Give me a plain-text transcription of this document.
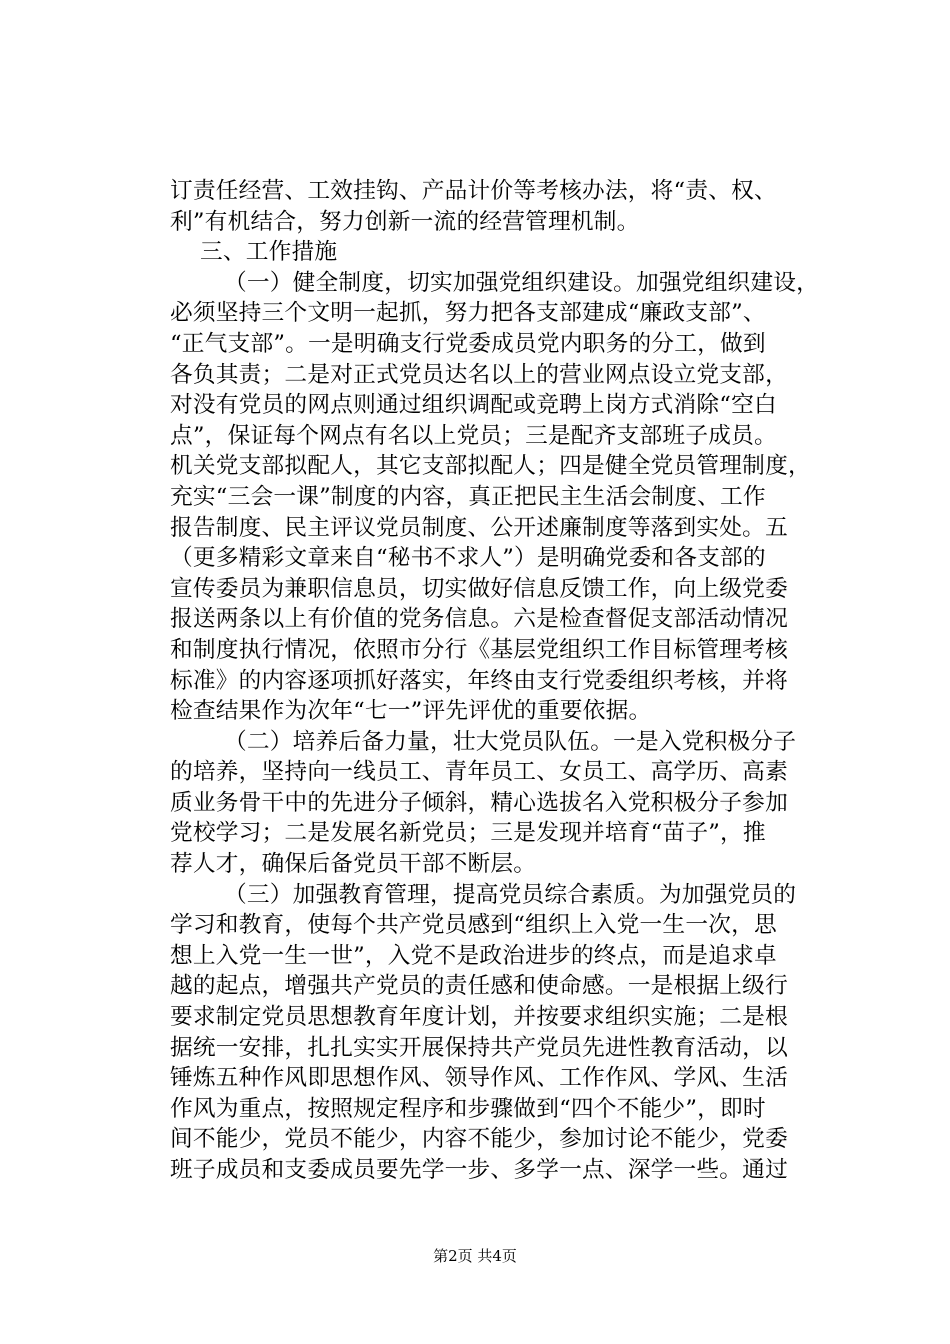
订责任经营、工效挂钩、产品计价等考核办法，将“责、权、
利”有机结合，努力创新一流的经营管理机制。
三、工作措施
（一）健全制度，切实加强党组织建设。加强党组织建设，
必须坚持三个文明一起抓，努力把各支部建成“廉政支部”、
“正气支部”。一是明确支行党委成员党内职务的分工，做到
各负其责；二是对正式党员达名以上的营业网点设立党支部，
对没有党员的网点则通过组织调配或竞聘上岗方式消除“空白
点”，保证每个网点有名以上党员；三是配齐支部班子成员。
机关党支部拟配人，其它支部拟配人；四是健全党员管理制度，
充实“三会一课”制度的内容，真正把民主生活会制度、工作
报告制度、民主评议党员制度、公开述廉制度等落到实处。五
（更多精彩文章来自“秘书不求人”）是明确党委和各支部的
宣传委员为兼职信息员，切实做好信息反馈工作，向上级党委
报送两条以上有价值的党务信息。六是检查督促支部活动情况
和制度执行情况，依照市分行《基层党组织工作目标管理考核
标准》的内容逐项抓好落实，年终由支行党委组织考核，并将
检查结果作为次年“七一”评先评优的重要依据。
（二）培养后备力量，壮大党员队伍。一是入党积极分子
的培养，坚持向一线员工、青年员工、女员工、高学历、高素
质业务骨干中的先进分子倾斜，精心选拔名入党积极分子参加
党校学习；二是发展名新党员；三是发现并培育“苗子”，推
荐人才，确保后备党员干部不断层。
（三）加强教育管理，提高党员综合素质。为加强党员的
学习和教育，使每个共产党员感到“组织上入党一生一次，思
想上入党一生一世”，入党不是政治进步的终点，而是追求卓
越的起点，增强共产党员的责任感和使命感。一是根据上级行
要求制定党员思想教育年度计划，并按要求组织实施；二是根
据统一安排，扎扎实实开展保持共产党员先进性教育活动，以
锤炼五种作风即思想作风、领导作风、工作作风、学风、生活
作风为重点，按照规定程序和步骤做到“四个不能少”，即时
间不能少，党员不能少，内容不能少，参加讨论不能少，党委
班子成员和支委成员要先学一步、多学一点、深学一些。通过
第2页 共4页
